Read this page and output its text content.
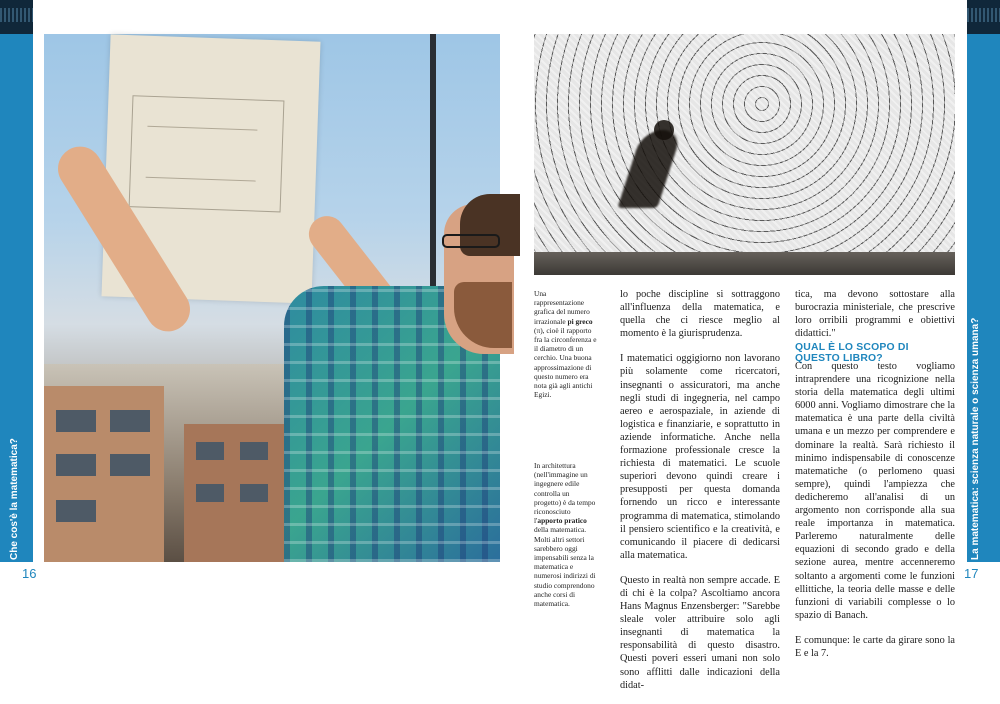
Che cos'è la matematica?	La matematica: scienza naturale o scienza umana?
16	17
Una rappresentazione grafica del numero irrazionale pi greco (π), cioè il rapporto fra la circonferenza e il diametro di un cerchio. Una buona approssimazione di questo numero era nota già agli antichi Egizi.
In architettura (nell'immagine un ingegnere edile controlla un progetto) è da tempo riconosciuto l'apporto pratico della matematica. Molti altri settori sarebbero oggi impensabili senza la matematica e numerosi indirizzi di studio comprendono anche corsi di matematica.

lo poche discipline si sottraggono all'influenza della matematica, e quella che ci riesce meglio al momento è la giurisprudenza.

I matematici oggigiorno non lavorano più solamente come ricercatori, insegnanti o assicuratori, ma anche negli studi di ingegneria, nel campo aereo e aerospaziale, in aziende di logistica e finanziarie, e soprattutto in aziende informatiche. Anche nella formazione professionale cresce la richiesta di matematici. Le scuole superiori devono quindi creare i presupposti per questa domanda fornendo un ricco e interessante programma di matematica, stimolando il pensiero scientifico e la creatività, e comunicando il piacere di dedicarsi alla matematica.

Questo in realtà non sempre accade. E di chi è la colpa? Ascoltiamo ancora Hans Magnus Enzensberger: "Sarebbe sleale voler attribuire solo agli insegnanti di matematica la responsabilità di questo disastro. Questi poveri esseri umani non solo sono afflitti dalle indicazioni della didat-

tica, ma devono sottostare alla burocrazia ministeriale, che prescrive loro orribili programmi e obiettivi didattici."

QUAL È LO SCOPO DI QUESTO LIBRO?

Con questo testo vogliamo intraprendere una ricognizione nella storia della matematica degli ultimi 6000 anni. Vogliamo dimostrare che la matematica è una parte della civiltà umana e un mezzo per comprendere e dominare la realtà. Sarà richiesto il minimo indispensabile di conoscenze matematiche (o perlomeno quasi sempre), quindi l'ampiezza che dedicheremo all'analisi di un argomento non corrisponde alla sua reale importanza in matematica. Parleremo naturalmente delle equazioni di secondo grado e della sezione aurea, mentre accenneremo soltanto a argomenti come le funzioni ellittiche, la teoria delle masse e delle funzioni di variabili complesse o lo spazio di Banach.

E comunque: le carte da girare sono la E e la 7.
